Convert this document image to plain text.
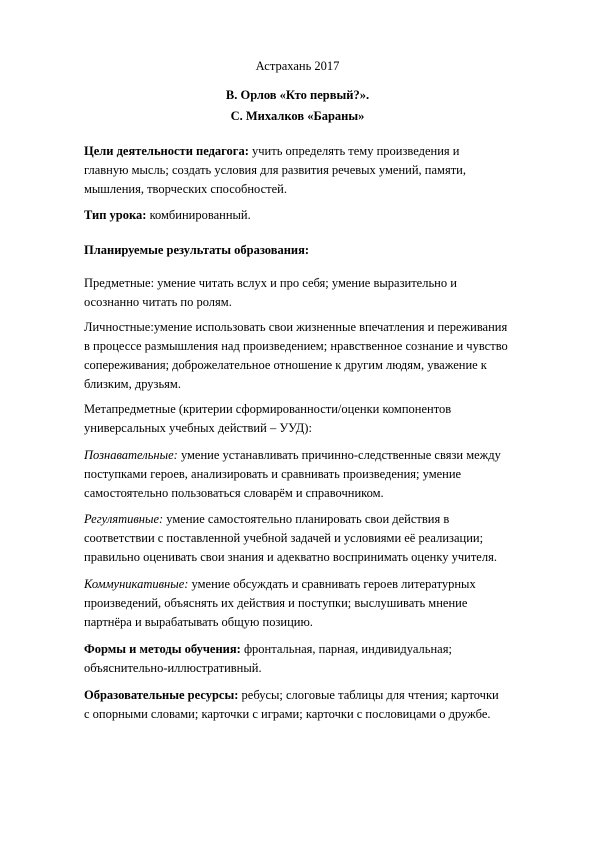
Астрахань 2017
В. Орлов «Кто первый?».
С. Михалков «Бараны»
Цели деятельности педагога: учить определять тему произведения и
главную мысль; создать условия для развития речевых умений, памяти,
мышления, творческих способностей.
Тип урока: комбинированный.
Планируемые результаты образования:
Предметные: умение читать вслух и про себя; умение выразительно и
осознанно читать по ролям.
Личностные:умение использовать свои жизненные впечатления и переживания
в процессе размышления над произведением; нравственное сознание и чувство
сопереживания; доброжелательное отношение к другим людям, уважение к
близким, друзьям.
Метапредметные (критерии сформированности/оценки компонентов
универсальных учебных действий – УУД):
Познавательные: умение устанавливать причинно-следственные связи между
поступками героев, анализировать и сравнивать произведения; умение
самостоятельно пользоваться словарём и справочником.
Регулятивные: умение самостоятельно планировать свои действия в
соответствии с поставленной учебной задачей и условиями её реализации;
правильно оценивать свои знания и адекватно воспринимать оценку учителя.
Коммуникативные: умение обсуждать и сравнивать героев литературных
произведений, объяснять их действия и поступки; выслушивать мнение
партнёра и вырабатывать общую позицию.
Формы и методы обучения: фронтальная, парная, индивидуальная;
объяснительно-иллюстративный.
Образовательные ресурсы: ребусы; слоговые таблицы для чтения; карточки
с опорными словами; карточки с играми; карточки с пословицами о дружбе.
